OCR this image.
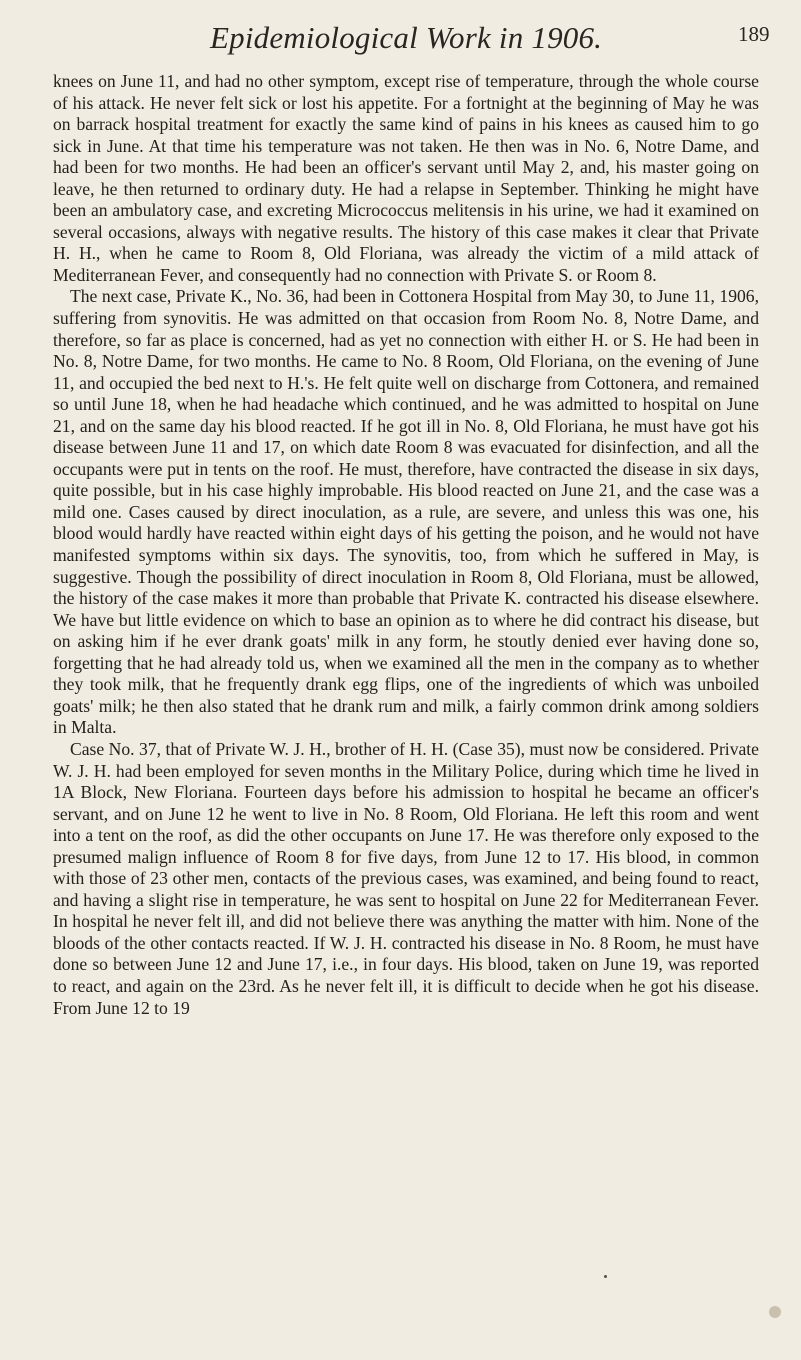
Epidemiological Work in 1906.	189

knees on June 11, and had no other symptom, except rise of temperature, through the whole course of his attack. He never felt sick or lost his appetite. For a fortnight at the beginning of May he was on barrack hospital treatment for exactly the same kind of pains in his knees as caused him to go sick in June. At that time his temperature was not taken. He then was in No. 6, Notre Dame, and had been for two months. He had been an officer's servant until May 2, and, his master going on leave, he then returned to ordinary duty. He had a relapse in September. Thinking he might have been an ambulatory case, and excreting Micrococcus melitensis in his urine, we had it examined on several occasions, always with negative results. The history of this case makes it clear that Private H. H., when he came to Room 8, Old Floriana, was already the victim of a mild attack of Mediterranean Fever, and consequently had no connection with Private S. or Room 8.

The next case, Private K., No. 36, had been in Cottonera Hospital from May 30, to June 11, 1906, suffering from synovitis. He was admitted on that occasion from Room No. 8, Notre Dame, and therefore, so far as place is concerned, had as yet no connection with either H. or S. He had been in No. 8, Notre Dame, for two months. He came to No. 8 Room, Old Floriana, on the evening of June 11, and occupied the bed next to H.'s. He felt quite well on discharge from Cottonera, and remained so until June 18, when he had headache which continued, and he was admitted to hospital on June 21, and on the same day his blood reacted. If he got ill in No. 8, Old Floriana, he must have got his disease between June 11 and 17, on which date Room 8 was evacuated for disinfection, and all the occupants were put in tents on the roof. He must, therefore, have contracted the disease in six days, quite possible, but in his case highly improbable. His blood reacted on June 21, and the case was a mild one. Cases caused by direct inoculation, as a rule, are severe, and unless this was one, his blood would hardly have reacted within eight days of his getting the poison, and he would not have manifested symptoms within six days. The synovitis, too, from which he suffered in May, is suggestive. Though the possibility of direct inoculation in Room 8, Old Floriana, must be allowed, the history of the case makes it more than probable that Private K. contracted his disease elsewhere. We have but little evidence on which to base an opinion as to where he did contract his disease, but on asking him if he ever drank goats' milk in any form, he stoutly denied ever having done so, forgetting that he had already told us, when we examined all the men in the company as to whether they took milk, that he frequently drank egg flips, one of the ingredients of which was unboiled goats' milk; he then also stated that he drank rum and milk, a fairly common drink among soldiers in Malta.

Case No. 37, that of Private W. J. H., brother of H. H. (Case 35), must now be considered. Private W. J. H. had been employed for seven months in the Military Police, during which time he lived in 1A Block, New Floriana. Fourteen days before his admission to hospital he became an officer's servant, and on June 12 he went to live in No. 8 Room, Old Floriana. He left this room and went into a tent on the roof, as did the other occupants on June 17. He was therefore only exposed to the presumed malign influence of Room 8 for five days, from June 12 to 17. His blood, in common with those of 23 other men, contacts of the previous cases, was examined, and being found to react, and having a slight rise in temperature, he was sent to hospital on June 22 for Mediterranean Fever. In hospital he never felt ill, and did not believe there was anything the matter with him. None of the bloods of the other contacts reacted. If W. J. H. contracted his disease in No. 8 Room, he must have done so between June 12 and June 17, i.e., in four days. His blood, taken on June 19, was reported to react, and again on the 23rd. As he never felt ill, it is difficult to decide when he got his disease. From June 12 to 19
